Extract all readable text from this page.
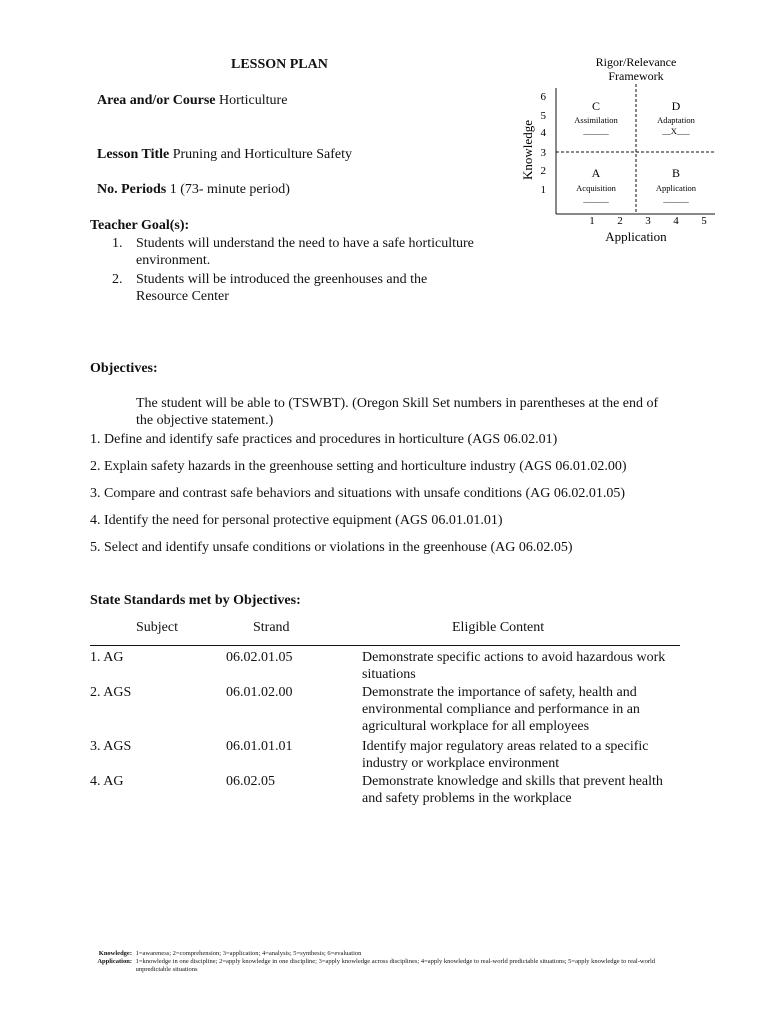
LESSON PLAN
Area and/or Course Horticulture
Lesson Title Pruning and Horticulture Safety
No. Periods 1 (73- minute period)
Teacher Goal(s):
1. Students will understand the need to have a safe horticulture environment.
2. Students will be introduced the greenhouses and the Resource Center
Objectives:
The student will be able to (TSWBT). (Oregon Skill Set numbers in parentheses at the end of the objective statement.)
1. Define and identify safe practices and procedures in horticulture (AGS 06.02.01)
2. Explain safety hazards in the greenhouse setting and horticulture industry (AGS 06.01.02.00)
3. Compare and contrast safe behaviors and situations with unsafe conditions (AG 06.02.01.05)
4. Identify the need for personal protective equipment (AGS 06.01.01.01)
5. Select and identify unsafe conditions or violations in the greenhouse (AG 06.02.05)
State Standards met by Objectives:
Subject	Strand	Eligible Content
1. AG	06.02.01.05	Demonstrate specific actions to avoid hazardous work situations
2. AGS	06.01.02.00	Demonstrate the importance of safety, health and environmental compliance and performance in an agricultural workplace for all employees
3. AGS	06.01.01.01	Identify major regulatory areas related to a specific industry or workplace environment
4. AG	06.02.05	Demonstrate knowledge and skills that prevent health and safety problems in the workplace
Rigor/Relevance
Framework
Knowledge
1
2
3
4
5
6
1 2 3 4 5
Application
C
Assimilation
______
D
Adaptation
__X___
A
Acquisition
______
B
Application
______
Knowledge: 1=awareness; 2=comprehension; 3=application; 4=analysis; 5=synthesis; 6=evaluation
Application: 1=knowledge in one discipline; 2=apply knowledge in one discipline; 3=apply knowledge across disciplines; 4=apply knowledge to real-world predictable situations; 5=apply knowledge to real-world unpredictable situations
